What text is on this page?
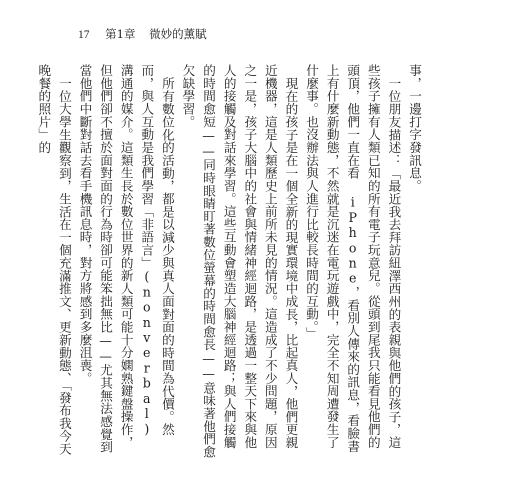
17 第1章 微妙的薰賦

事，一邊打字發訊息。

一位朋友描述：「最近我去拜訪紐澤西州的表親與他們的孩子，這些孩子擁有人類已知的所有電子玩意兒。從頭到尾我只能看見他們的頭頂，他們一直在看 iPhone，看別人傳來的訊息，看臉書上有什麼新動態，不然就是沉迷在電玩遊戲中，完全不知周遭發生了什麼事。也沒辦法與人進行比較長時間的互動。」

現在的孩子是在一個全新的現實環境中成長，比起真人，他們更親近機器，這是人類歷史上前所未見的情況。這造成了不少問題，原因之一是，孩子大腦中的社會與情緒神經迴路，是透過一整天下來與他人的接觸及對話來學習。這些互動會塑造大腦神經迴路；與人們接觸的時間愈短——同時眼睛盯著數位螢幕的時間愈長——意味著他們愈欠缺學習。

所有數位化的活動，都是以減少與真人面對面的時間為代價。然而，與人互動是我們學習「非語言」(nonverbal) 溝通的媒介。這類生長於數位世界的新人類可能十分嫻熟鍵盤操作，但他們卻不擅於面對面的行為時卻可能笨拙無比——尤其無法感覺到當他們中斷對話去看手機訊息時，對方將感到多麼沮喪。

一位大學生觀察到，生活在一個充滿推文、更新動態、「發布我今天晚餐的照片」的
